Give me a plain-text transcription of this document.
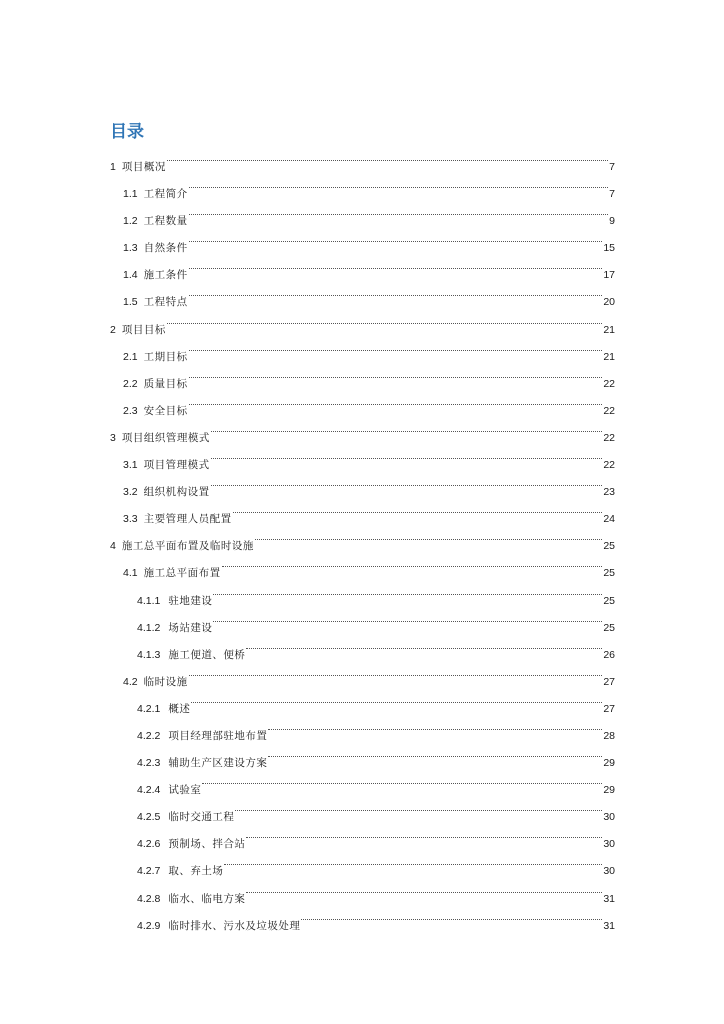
目录
1 项目概况	7
1.1 工程简介	7
1.2 工程数量	9
1.3 自然条件	15
1.4 施工条件	17
1.5 工程特点	20
2 项目目标	21
2.1 工期目标	21
2.2 质量目标	22
2.3 安全目标	22
3 项目组织管理模式	22
3.1 项目管理模式	22
3.2 组织机构设置	23
3.3 主要管理人员配置	24
4 施工总平面布置及临时设施	25
4.1 施工总平面布置	25
4.1.1 驻地建设	25
4.1.2 场站建设	25
4.1.3 施工便道、便桥	26
4.2 临时设施	27
4.2.1 概述	27
4.2.2 项目经理部驻地布置	28
4.2.3 辅助生产区建设方案	29
4.2.4 试验室	29
4.2.5 临时交通工程	30
4.2.6 预制场、拌合站	30
4.2.7 取、弃土场	30
4.2.8 临水、临电方案	31
4.2.9 临时排水、污水及垃圾处理	31
